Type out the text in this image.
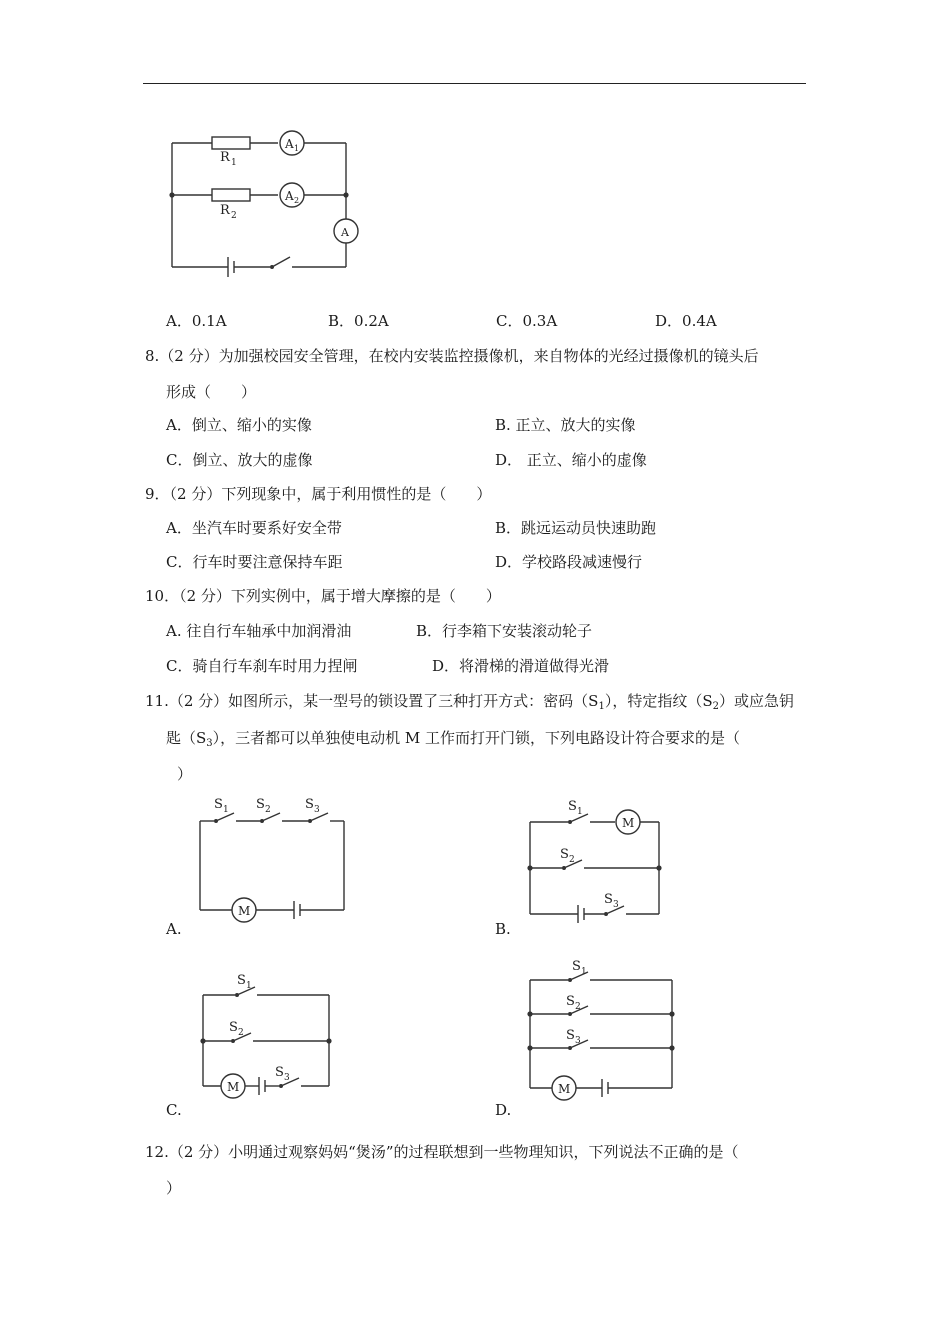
R 1
R 2
A 1
A 2
A
A．0.1A	B．0.2A	C．0.3A	D．0.4A
8.（2 分）为加强校园安全管理，在校内安装监控摄像机，来自物体的光经过摄像机的镜头后
形成（　　）
A．倒立、缩小的实像	B. 正立、放大的实像
C．倒立、放大的虚像	D． 正立、缩小的虚像
9．（2 分）下列现象中，属于利用惯性的是（　　）
A．坐汽车时要系好安全带	B．跳远运动员快速助跑
C．行车时要注意保持车距	D．学校路段减速慢行
10．（2 分）下列实例中，属于增大摩擦的是（　　）
A. 往自行车轴承中加润滑油	B．行李箱下安装滚动轮子
C．骑自行车刹车时用力捏闸	D．将滑梯的滑道做得光滑
11.（2 分）如图所示，某一型号的锁设置了三种打开方式：密码$(S_1)$，特定指纹$(S_2)$或应急钥
匙$(S_3)$，三者都可以单独使电动机 M 工作而打开门锁，下列电路设计符合要求的是（
）
S 1 S 2	S 3
M
A.
S 1
S 2
S 3
M
B.
S 1
S 2
S 3
M
C.
S 1
S 2
S 3
M
D.
12.（2 分）小明通过观察妈妈“煲汤”的过程联想到一些物理知识，下列说法不正确的是（
）
